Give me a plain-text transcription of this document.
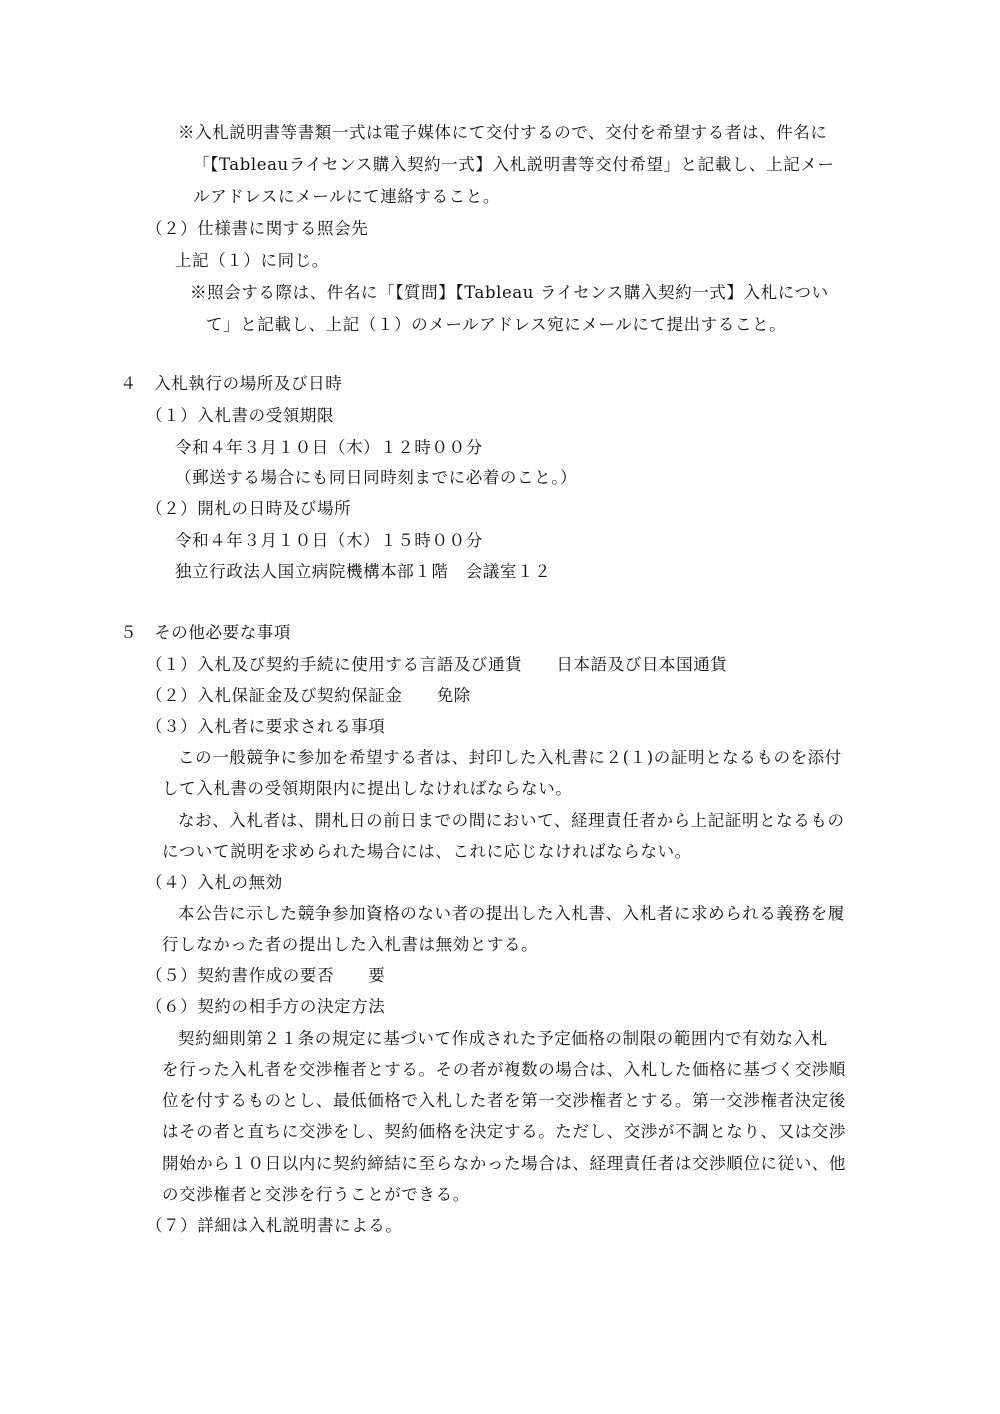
※入札説明書等書類一式は電子媒体にて交付するので、交付を希望する者は、件名に
「【Tableauライセンス購入契約一式】入札説明書等交付希望」と記載し、上記メー
ルアドレスにメールにて連絡すること。
（２）仕様書に関する照会先
上記（１）に同じ。
※照会する際は、件名に「【質問】【Tableau ライセンス購入契約一式】入札につい
て」と記載し、上記（１）のメールアドレス宛にメールにて提出すること。
４　入札執行の場所及び日時
（１）入札書の受領期限
令和４年３月１０日（木）１２時００分
（郵送する場合にも同日同時刻までに必着のこと。）
（２）開札の日時及び場所
令和４年３月１０日（木）１５時００分
独立行政法人国立病院機構本部１階　会議室１２
５　その他必要な事項
（１）入札及び契約手続に使用する言語及び通貨　　日本語及び日本国通貨
（２）入札保証金及び契約保証金　　免除
（３）入札者に要求される事項
この一般競争に参加を希望する者は、封印した入札書に２(１)の証明となるものを添付
して入札書の受領期限内に提出しなければならない。
なお、入札者は、開札日の前日までの間において、経理責任者から上記証明となるもの
について説明を求められた場合には、これに応じなければならない。
（４）入札の無効
本公告に示した競争参加資格のない者の提出した入札書、入札者に求められる義務を履
行しなかった者の提出した入札書は無効とする。
（５）契約書作成の要否　　要
（６）契約の相手方の決定方法
契約細則第２１条の規定に基づいて作成された予定価格の制限の範囲内で有効な入札
を行った入札者を交渉権者とする。その者が複数の場合は、入札した価格に基づく交渉順
位を付するものとし、最低価格で入札した者を第一交渉権者とする。第一交渉権者決定後
はその者と直ちに交渉をし、契約価格を決定する。ただし、交渉が不調となり、又は交渉
開始から１０日以内に契約締結に至らなかった場合は、経理責任者は交渉順位に従い、他
の交渉権者と交渉を行うことができる。
（７）詳細は入札説明書による。
